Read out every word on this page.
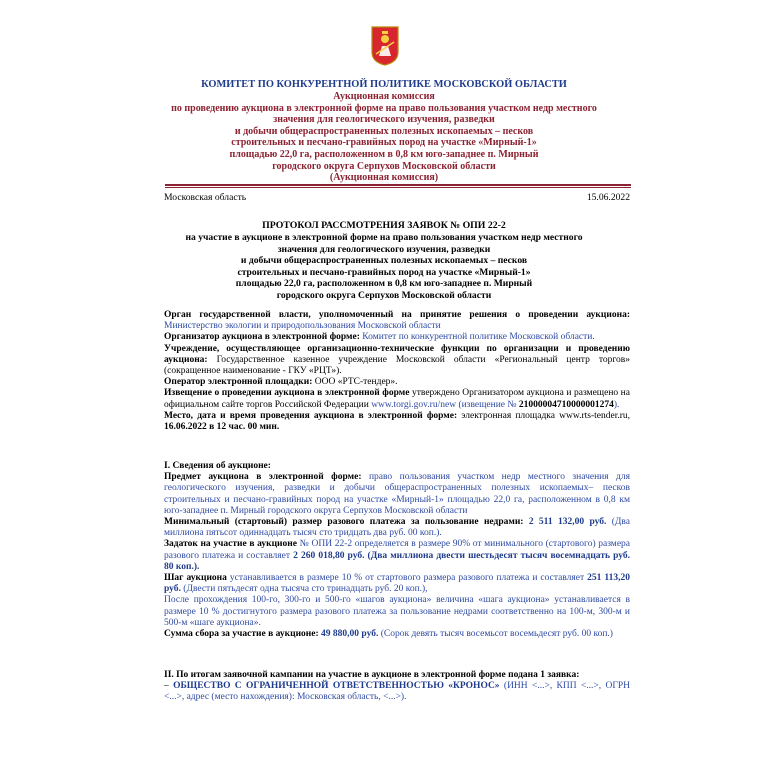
КОМИТЕТ ПО КОНКУРЕНТНОЙ ПОЛИТИКЕ МОСКОВСКОЙ ОБЛАСТИ
Аукционная комиссия
по проведению аукциона в электронной форме на право пользования участком недр местного
значения для геологического изучения, разведки
и добычи общераспространенных полезных ископаемых – песков
строительных и песчано-гравийных пород на участке «Мирный-1»
площадью 22,0 га, расположенном в 0,8 км юго-западнее п. Мирный
городского округа Серпухов Московской области
(Аукционная комиссия)
Московская область	15.06.2022
ПРОТОКОЛ РАССМОТРЕНИЯ ЗАЯВОК № ОПИ 22-2
на участие в аукционе в электронной форме на право пользования участком недр местного
значения для геологического изучения, разведки
и добычи общераспространенных полезных ископаемых – песков
строительных и песчано-гравийных пород на участке «Мирный-1»
площадью 22,0 га, расположенном в 0,8 км юго-западнее п. Мирный
городского округа Серпухов Московской области
Орган государственной власти, уполномоченный на принятие решения о проведении аукциона: Министерство экологии и природопользования Московской области
Организатор аукциона в электронной форме: Комитет по конкурентной политике Московской области.
Учреждение, осуществляющее организационно-технические функции по организации и проведению аукциона: Государственное казенное учреждение Московской области «Региональный центр торгов» (сокращенное наименование - ГКУ «РЦТ»).
Оператор электронной площадки: ООО «РТС-тендер».
Извещение о проведении аукциона в электронной форме утверждено Организатором аукциона и размещено на официальном сайте торгов Российской Федерации www.torgi.gov.ru/new (извещение № 21000004710000001274).
Место, дата и время проведения аукциона в электронной форме: электронная площадка www.rts-tender.ru, 16.06.2022 в 12 час. 00 мин.
I. Сведения об аукционе:
Предмет аукциона в электронной форме: право пользования участком недр местного значения для геологического изучения, разведки и добычи общераспространенных полезных ископаемых– песков строительных и песчано-гравийных пород на участке «Мирный-1» площадью 22,0 га, расположенном в 0,8 км юго-западнее п. Мирный городского округа Серпухов Московской области
Минимальный (стартовый) размер разового платежа за пользование недрами: 2 511 132,00 руб. (Два миллиона пятьсот одиннадцать тысяч сто тридцать два руб. 00 коп.).
Задаток на участие в аукционе № ОПИ 22-2 определяется в размере 90% от минимального (стартового) размера разового платежа и составляет 2 260 018,80 руб. (Два миллиона двести шестьдесят тысяч восемнадцать руб. 80 коп.).
Шаг аукциона устанавливается в размере 10 % от стартового размера разового платежа и составляет 251 113,20 руб. (Двести пятьдесят одна тысяча сто тринадцать руб. 20 коп.),
После прохождения 100-го, 300-го и 500-го «шагов аукциона» величина «шага аукциона» устанавливается в размере 10 % достигнутого размера разового платежа за пользование недрами соответственно на 100-м, 300-м и 500-м «шаге аукциона».
Сумма сбора за участие в аукционе: 49 880,00 руб. (Сорок девять тысяч восемьсот восемьдесят руб. 00 коп.)
II. По итогам заявочной кампании на участие в аукционе в электронной форме подана 1 заявка:
– ОБЩЕСТВО С ОГРАНИЧЕННОЙ ОТВЕТСТВЕННОСТЬЮ «КРОНОС» (ИНН <...>, КПП <...>, ОГРН <...>, адрес (место нахождения): Московская область, <...>).
